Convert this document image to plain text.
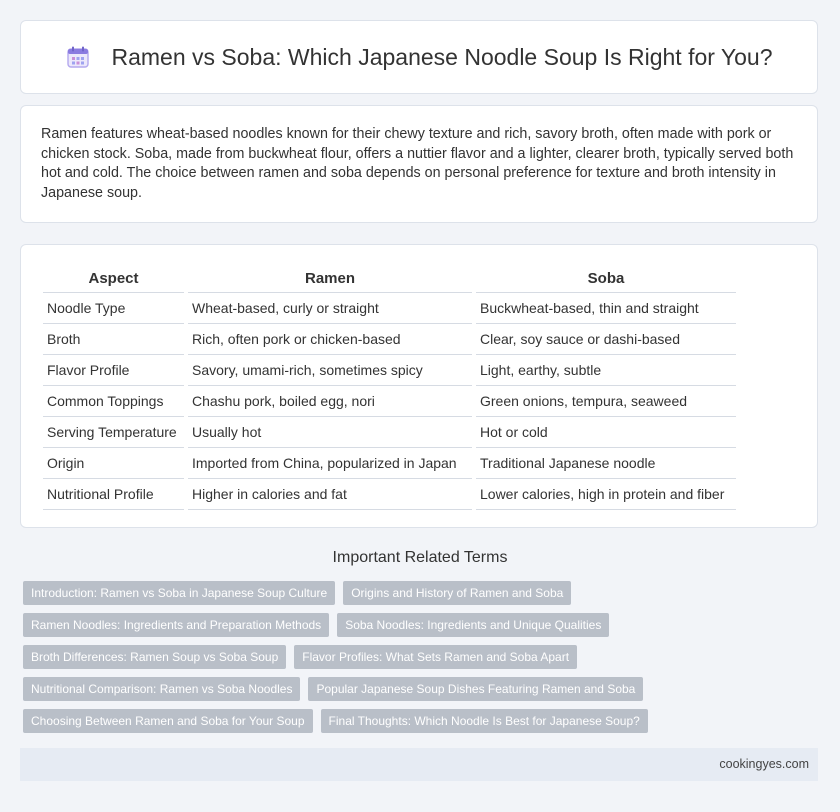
Ramen vs Soba: Which Japanese Noodle Soup Is Right for You?

Ramen features wheat-based noodles known for their chewy texture and rich, savory broth, often made with pork or chicken stock. Soba, made from buckwheat flour, offers a nuttier flavor and a lighter, clearer broth, typically served both hot and cold. The choice between ramen and soba depends on personal preference for texture and broth intensity in Japanese soup.

Aspect	Ramen	Soba
Noodle Type	Wheat-based, curly or straight	Buckwheat-based, thin and straight
Broth	Rich, often pork or chicken-based	Clear, soy sauce or dashi-based
Flavor Profile	Savory, umami-rich, sometimes spicy	Light, earthy, subtle
Common Toppings	Chashu pork, boiled egg, nori	Green onions, tempura, seaweed
Serving Temperature	Usually hot	Hot or cold
Origin	Imported from China, popularized in Japan	Traditional Japanese noodle
Nutritional Profile	Higher in calories and fat	Lower calories, high in protein and fiber
Important Related Terms
Introduction: Ramen vs Soba in Japanese Soup Culture	Origins and History of Ramen and Soba
Ramen Noodles: Ingredients and Preparation Methods	Soba Noodles: Ingredients and Unique Qualities
Broth Differences: Ramen Soup vs Soba Soup	Flavor Profiles: What Sets Ramen and Soba Apart
Nutritional Comparison: Ramen vs Soba Noodles	Popular Japanese Soup Dishes Featuring Ramen and Soba
Choosing Between Ramen and Soba for Your Soup	Final Thoughts: Which Noodle Is Best for Japanese Soup?
cookingyes.com
